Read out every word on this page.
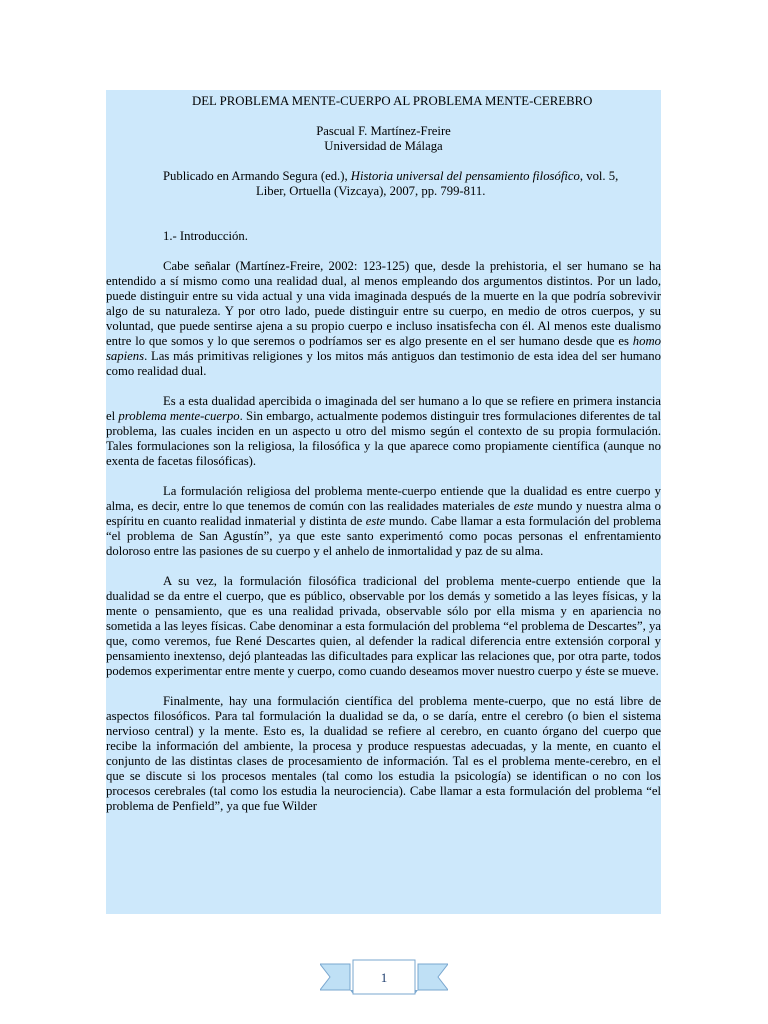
DEL PROBLEMA MENTE-CUERPO AL PROBLEMA MENTE-CEREBRO

Pascual F. Martínez-Freire

Universidad de Málaga

Publicado en Armando Segura (ed.), Historia universal del pensamiento filosófico, vol. 5,
Liber, Ortuella (Vizcaya), 2007, pp. 799-811.

1.- Introducción.

Cabe señalar (Martínez-Freire, 2002: 123-125) que, desde la prehistoria, el ser humano se ha entendido a sí mismo como una realidad dual, al menos empleando dos argumentos distintos. Por un lado, puede distinguir entre su vida actual y una vida imaginada después de la muerte en la que podría sobrevivir algo de su naturaleza. Y por otro lado, puede distinguir entre su cuerpo, en medio de otros cuerpos, y su voluntad, que puede sentirse ajena a su propio cuerpo e incluso insatisfecha con él. Al menos este dualismo entre lo que somos y lo que seremos o podríamos ser es algo presente en el ser humano desde que es homo sapiens. Las más primitivas religiones y los mitos más antiguos dan testimonio de esta idea del ser humano como realidad dual.

Es a esta dualidad apercibida o imaginada del ser humano a lo que se refiere en primera instancia el problema mente-cuerpo. Sin embargo, actualmente podemos distinguir tres formulaciones diferentes de tal problema, las cuales inciden en un aspecto u otro del mismo según el contexto de su propia formulación. Tales formulaciones son la religiosa, la filosófica y la que aparece como propiamente científica (aunque no exenta de facetas filosóficas).

La formulación religiosa del problema mente-cuerpo entiende que la dualidad es entre cuerpo y alma, es decir, entre lo que tenemos de común con las realidades materiales de este mundo y nuestra alma o espíritu en cuanto realidad inmaterial y distinta de este mundo. Cabe llamar a esta formulación del problema “el problema de San Agustín”, ya que este santo experimentó como pocas personas el enfrentamiento doloroso entre las pasiones de su cuerpo y el anhelo de inmortalidad y paz de su alma.

A su vez, la formulación filosófica tradicional del problema mente-cuerpo entiende que la dualidad se da entre el cuerpo, que es público, observable por los demás y sometido a las leyes físicas, y la mente o pensamiento, que es una realidad privada, observable sólo por ella misma y en apariencia no sometida a las leyes físicas. Cabe denominar a esta formulación del problema “el problema de Descartes”, ya que, como veremos, fue René Descartes quien, al defender la radical diferencia entre extensión corporal y pensamiento inextenso, dejó planteadas las dificultades para explicar las relaciones que, por otra parte, todos podemos experimentar entre mente y cuerpo, como cuando deseamos mover nuestro cuerpo y éste se mueve.

Finalmente, hay una formulación científica del problema mente-cuerpo, que no está libre de aspectos filosóficos. Para tal formulación la dualidad se da, o se daría, entre el cerebro (o bien el sistema nervioso central) y la mente. Esto es, la dualidad se refiere al cerebro, en cuanto órgano del cuerpo que recibe la información del ambiente, la procesa y produce respuestas adecuadas, y la mente, en cuanto el conjunto de las distintas clases de procesamiento de información. Tal es el problema mente-cerebro, en el que se discute si los procesos mentales (tal como los estudia la psicología) se identifican o no con los procesos cerebrales (tal como los estudia la neurociencia). Cabe llamar a esta formulación del problema “el problema de Penfield”, ya que fue Wilder

1
